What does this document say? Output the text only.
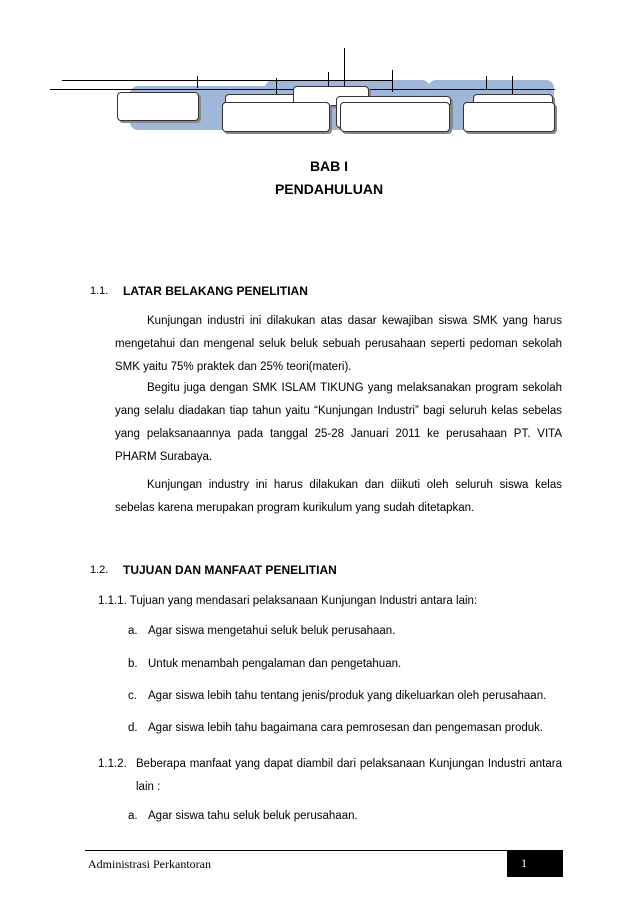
BAB I
PENDAHULUAN
1.1. LATAR BELAKANG PENELITIAN
Kunjungan industri ini dilakukan atas dasar kewajiban siswa SMK yang harus mengetahui dan mengenal seluk beluk sebuah perusahaan seperti pedoman sekolah SMK yaitu 75% praktek dan 25% teori(materi).
Begitu juga dengan SMK ISLAM TIKUNG yang melaksanakan program sekolah yang selalu diadakan tiap tahun yaitu “Kunjungan Industri” bagi seluruh kelas sebelas yang pelaksanaannya pada tanggal 25-28 Januari 2011 ke perusahaan PT. VITA PHARM Surabaya.
Kunjungan industry ini harus dilakukan dan diikuti oleh seluruh siswa kelas sebelas karena merupakan program kurikulum yang sudah ditetapkan.
1.2. TUJUAN DAN MANFAAT PENELITIAN
1.1.1. Tujuan yang mendasari pelaksanaan Kunjungan Industri antara lain:
a. Agar siswa mengetahui seluk beluk perusahaan.
b. Untuk menambah pengalaman dan pengetahuan.
c. Agar siswa lebih tahu tentang jenis/produk yang dikeluarkan oleh perusahaan.
d. Agar siswa lebih tahu bagaimana cara pemrosesan dan pengemasan produk.
1.1.2. Beberapa manfaat yang dapat diambil dari pelaksanaan Kunjungan Industri antara lain :
a. Agar siswa tahu seluk beluk perusahaan.
Administrasi Perkantoran	1
